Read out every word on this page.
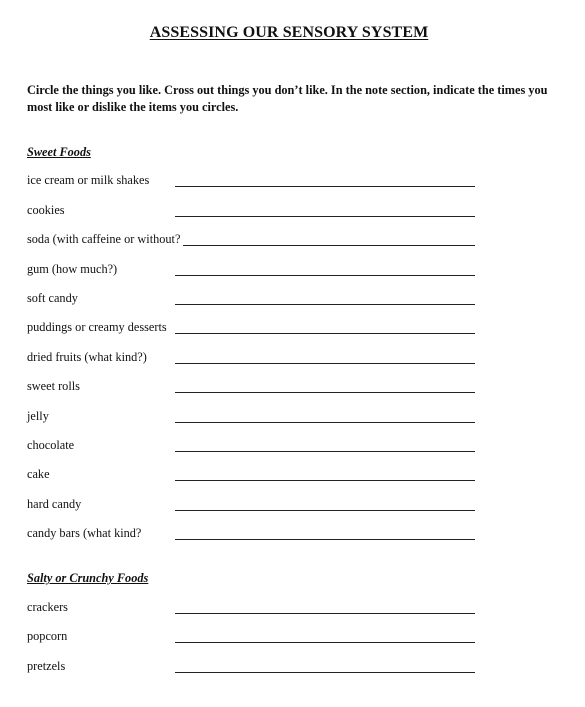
ASSESSING OUR SENSORY SYSTEM
Circle the things you like. Cross out things you don’t like. In the note section, indicate the times you most like or dislike the items you circles.
Sweet Foods
ice cream or milk shakes
cookies
soda (with caffeine or without?
gum (how much?)
soft candy
puddings or creamy desserts
dried fruits (what kind?)
sweet rolls
jelly
chocolate
cake
hard candy
candy bars (what kind?
Salty or Crunchy Foods
crackers
popcorn
pretzels
